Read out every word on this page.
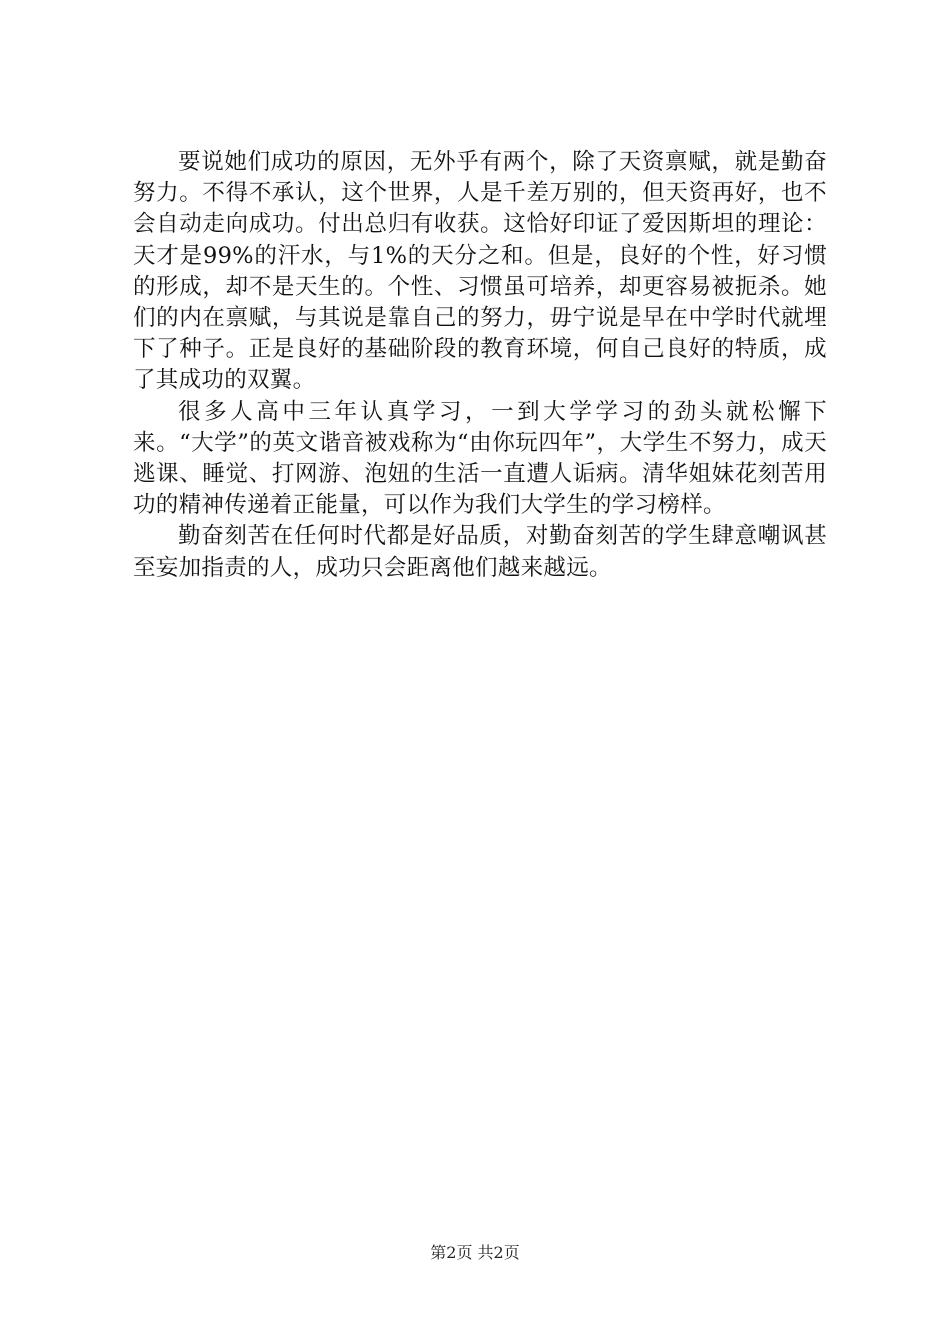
要说她们成功的原因，无外乎有两个，除了天资禀赋，就是勤奋努力。不得不承认，这个世界，人是千差万别的，但天资再好，也不会自动走向成功。付出总归有收获。这恰好印证了爱因斯坦的理论：天才是99%的汗水，与1%的天分之和。但是，良好的个性，好习惯的形成，却不是天生的。个性、习惯虽可培养，却更容易被扼杀。她们的内在禀赋，与其说是靠自己的努力，毋宁说是早在中学时代就埋下了种子。正是良好的基础阶段的教育环境，何自己良好的特质，成了其成功的双翼。

很多人高中三年认真学习，一到大学学习的劲头就松懈下来。“大学”的英文谐音被戏称为“由你玩四年”，大学生不努力，成天逃课、睡觉、打网游、泡妞的生活一直遭人诟病。清华姐妹花刻苦用功的精神传递着正能量，可以作为我们大学生的学习榜样。

勤奋刻苦在任何时代都是好品质，对勤奋刻苦的学生肆意嘲讽甚至妄加指责的人，成功只会距离他们越来越远。

第2页 共2页
